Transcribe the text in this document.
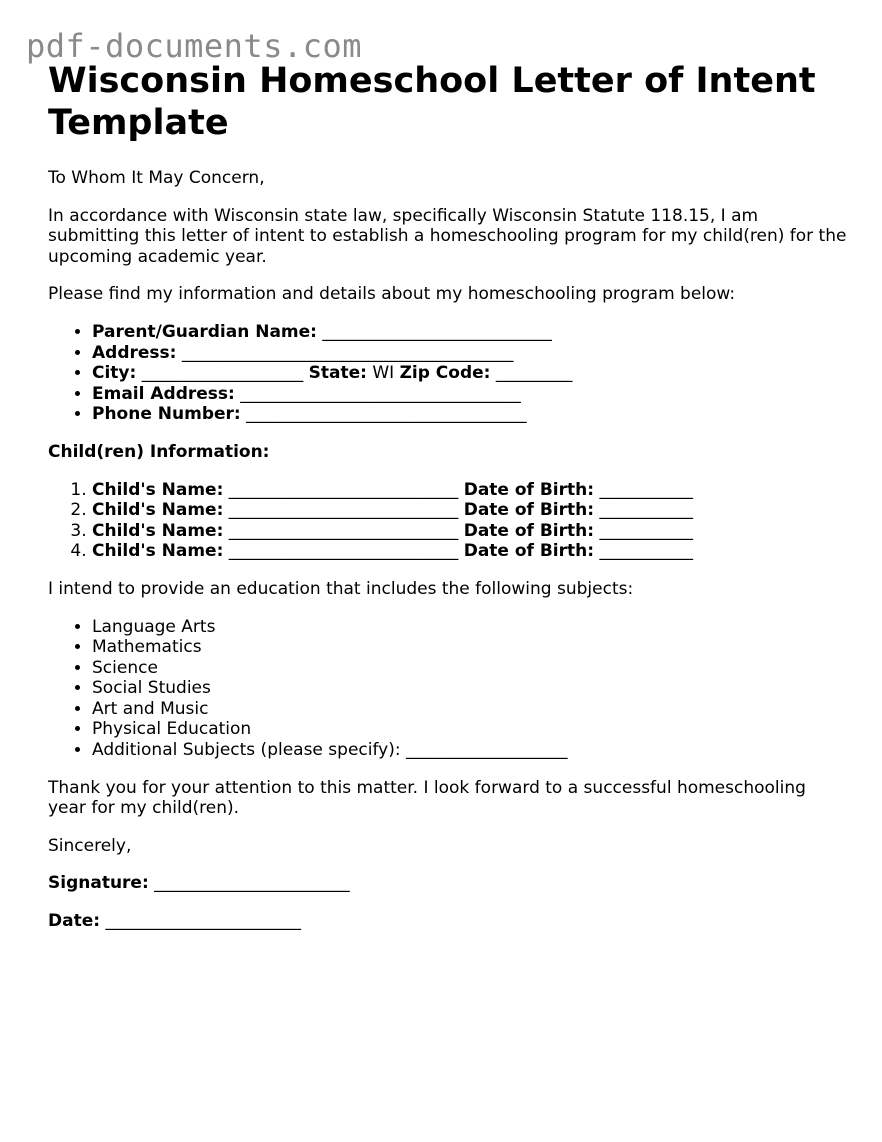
pdf-documents.com
Wisconsin Homeschool Letter of Intent Template

To Whom It May Concern,

In accordance with Wisconsin state law, specifically Wisconsin Statute 118.15, I am submitting this letter of intent to establish a homeschooling program for my child(ren) for the upcoming academic year.

Please find my information and details about my homeschooling program below:

• Parent/Guardian Name: ___________________________
• Address: _______________________________________
• City: ___________________ State: WI Zip Code: _________
• Email Address: _________________________________
• Phone Number: _________________________________

Child(ren) Information:

1. Child's Name: ___________________________ Date of Birth: ___________
2. Child's Name: ___________________________ Date of Birth: ___________
3. Child's Name: ___________________________ Date of Birth: ___________
4. Child's Name: ___________________________ Date of Birth: ___________

I intend to provide an education that includes the following subjects:

• Language Arts
• Mathematics
• Science
• Social Studies
• Art and Music
• Physical Education
• Additional Subjects (please specify): ___________________

Thank you for your attention to this matter. I look forward to a successful homeschooling year for my child(ren).

Sincerely,

Signature: _______________________

Date: _______________________
